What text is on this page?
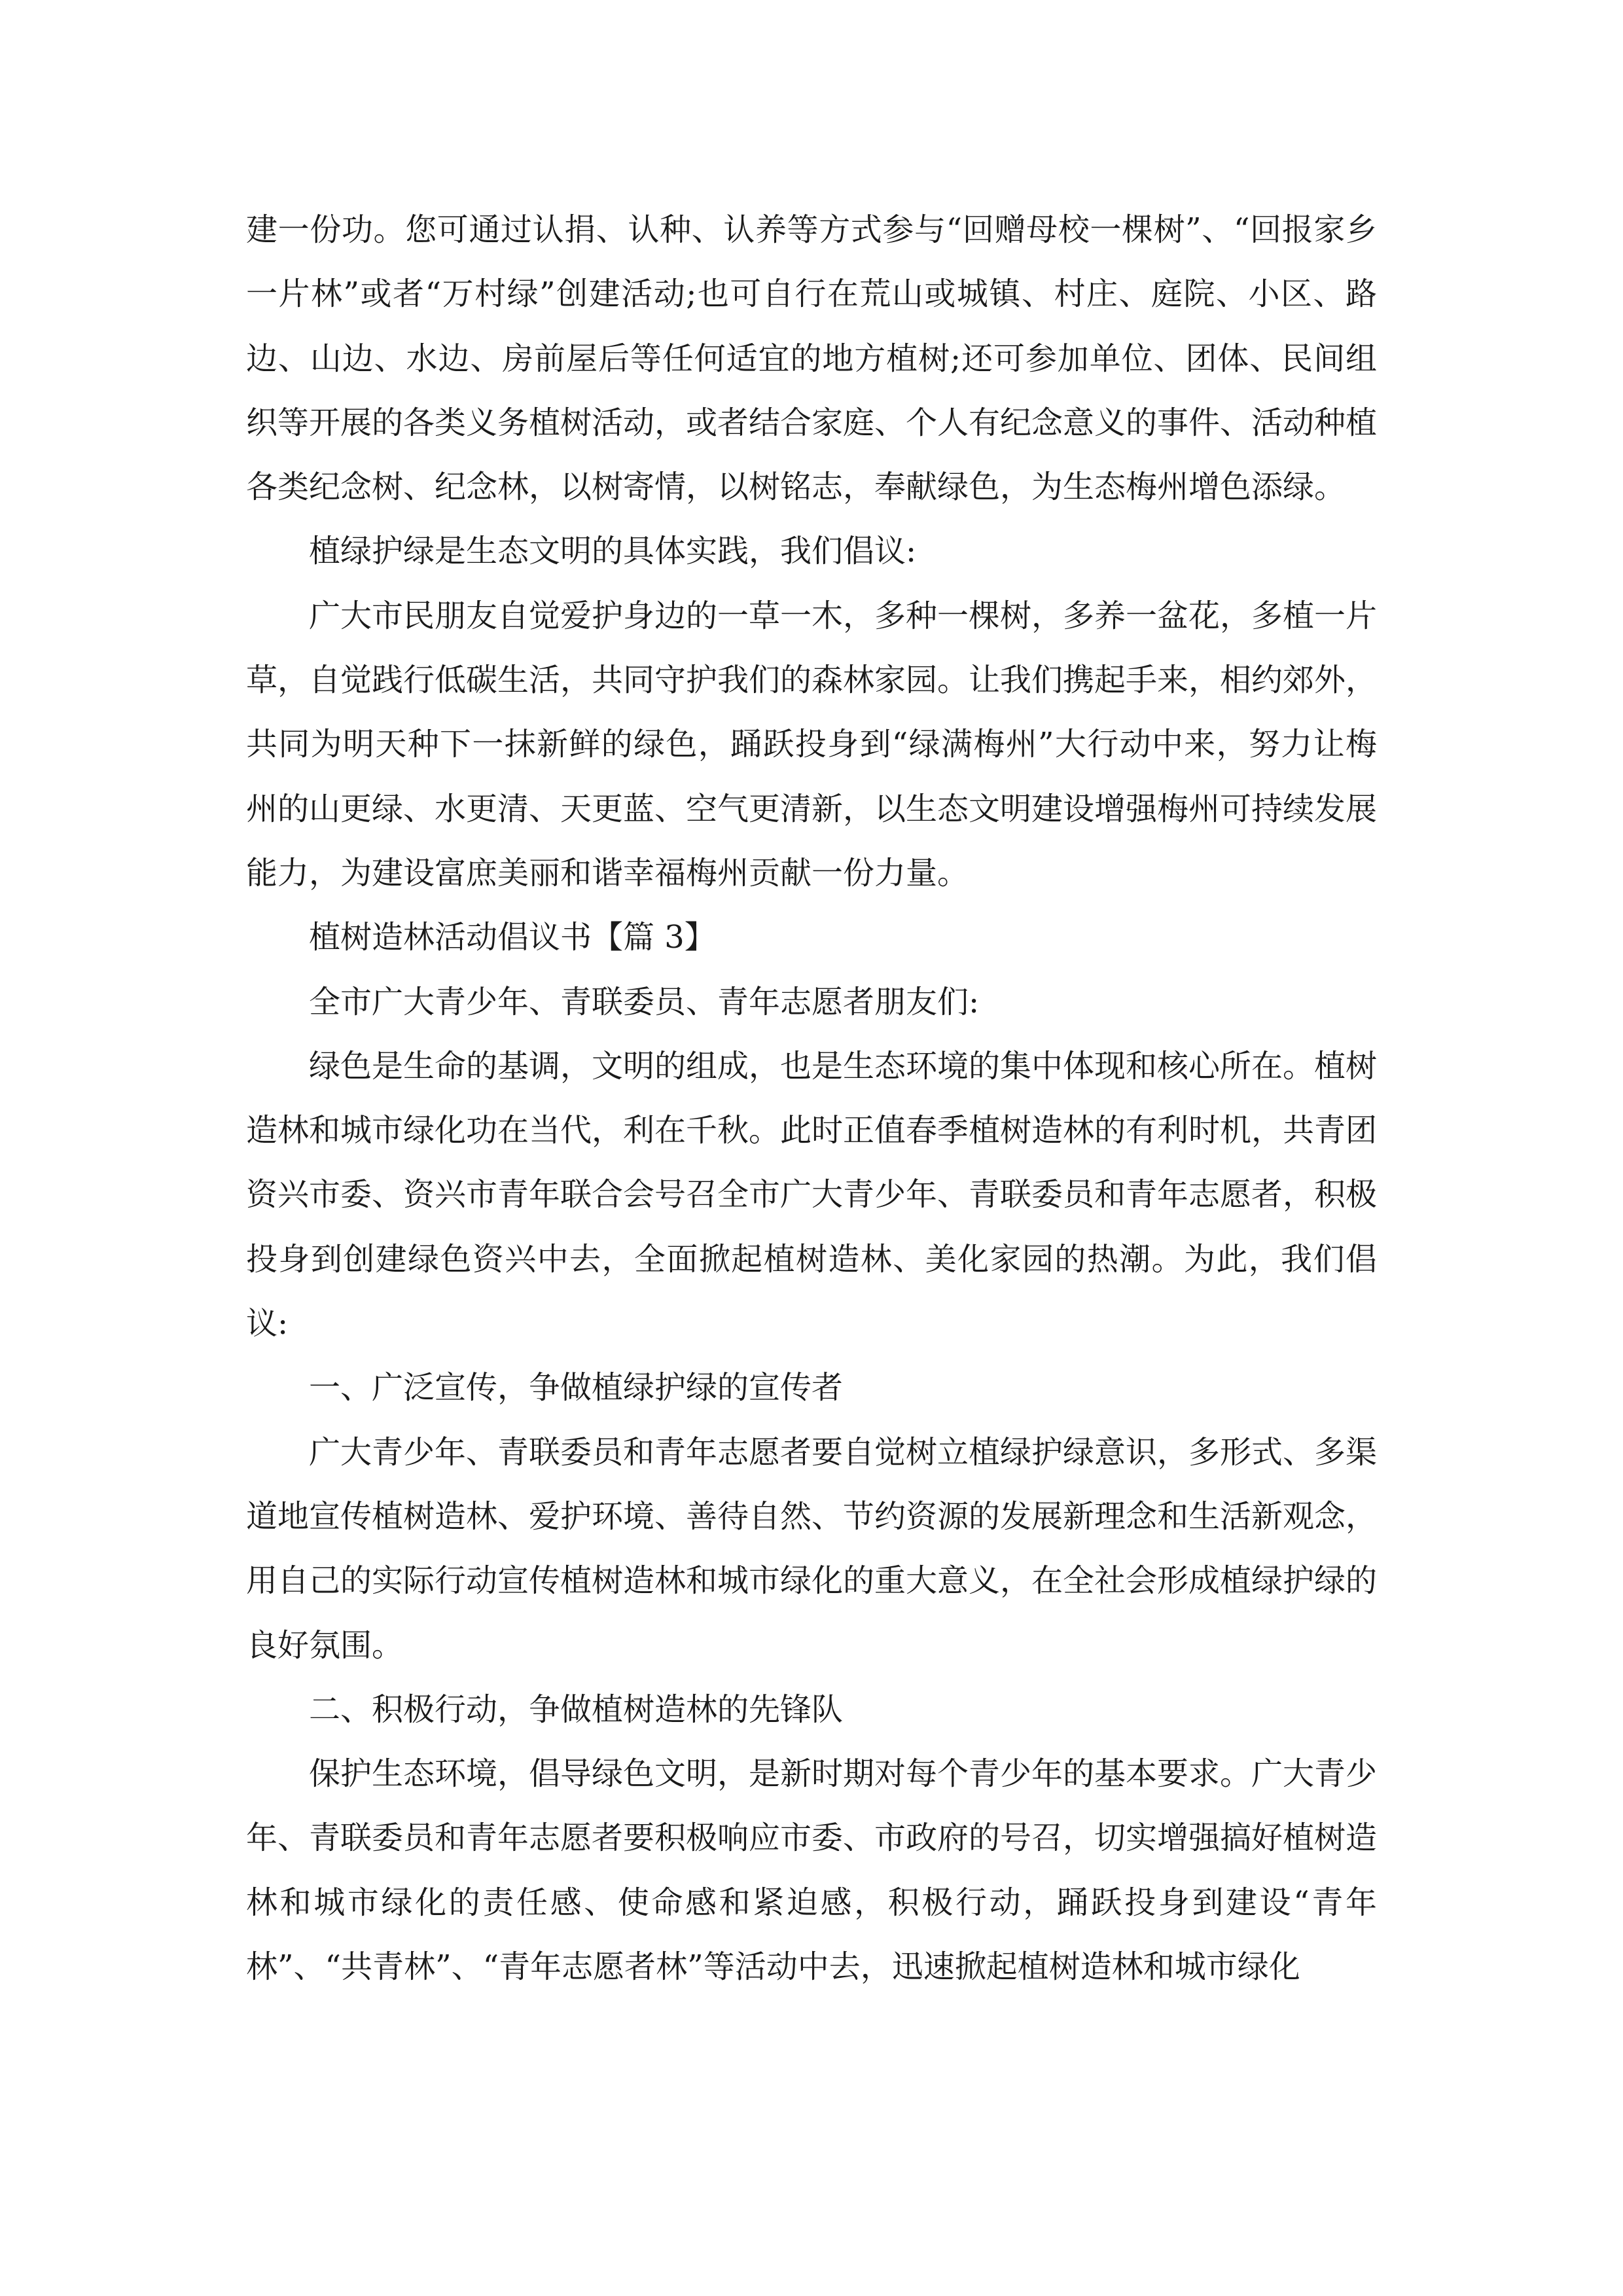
建一份功。您可通过认捐、认种、认养等方式参与“回赠母校一棵树”、“回报家乡一片林”或者“万村绿”创建活动;也可自行在荒山或城镇、村庄、庭院、小区、路边、山边、水边、房前屋后等任何适宜的地方植树;还可参加单位、团体、民间组织等开展的各类义务植树活动，或者结合家庭、个人有纪念意义的事件、活动种植各类纪念树、纪念林，以树寄情，以树铭志，奉献绿色，为生态梅州增色添绿。

植绿护绿是生态文明的具体实践，我们倡议:

广大市民朋友自觉爱护身边的一草一木，多种一棵树，多养一盆花，多植一片草，自觉践行低碳生活，共同守护我们的森林家园。让我们携起手来，相约郊外，共同为明天种下一抹新鲜的绿色，踊跃投身到“绿满梅州”大行动中来，努力让梅州的山更绿、水更清、天更蓝、空气更清新，以生态文明建设增强梅州可持续发展能力，为建设富庶美丽和谐幸福梅州贡献一份力量。

植树造林活动倡议书【篇 3】

全市广大青少年、青联委员、青年志愿者朋友们:

绿色是生命的基调，文明的组成，也是生态环境的集中体现和核心所在。植树造林和城市绿化功在当代，利在千秋。此时正值春季植树造林的有利时机，共青团资兴市委、资兴市青年联合会号召全市广大青少年、青联委员和青年志愿者，积极投身到创建绿色资兴中去，全面掀起植树造林、美化家园的热潮。为此，我们倡议:

一、广泛宣传，争做植绿护绿的宣传者

广大青少年、青联委员和青年志愿者要自觉树立植绿护绿意识，多形式、多渠道地宣传植树造林、爱护环境、善待自然、节约资源的发展新理念和生活新观念，用自己的实际行动宣传植树造林和城市绿化的重大意义，在全社会形成植绿护绿的良好氛围。

二、积极行动，争做植树造林的先锋队

保护生态环境，倡导绿色文明，是新时期对每个青少年的基本要求。广大青少年、青联委员和青年志愿者要积极响应市委、市政府的号召，切实增强搞好植树造林和城市绿化的责任感、使命感和紧迫感，积极行动，踊跃投身到建设“青年林”、“共青林”、“青年志愿者林”等活动中去，迅速掀起植树造林和城市绿化
